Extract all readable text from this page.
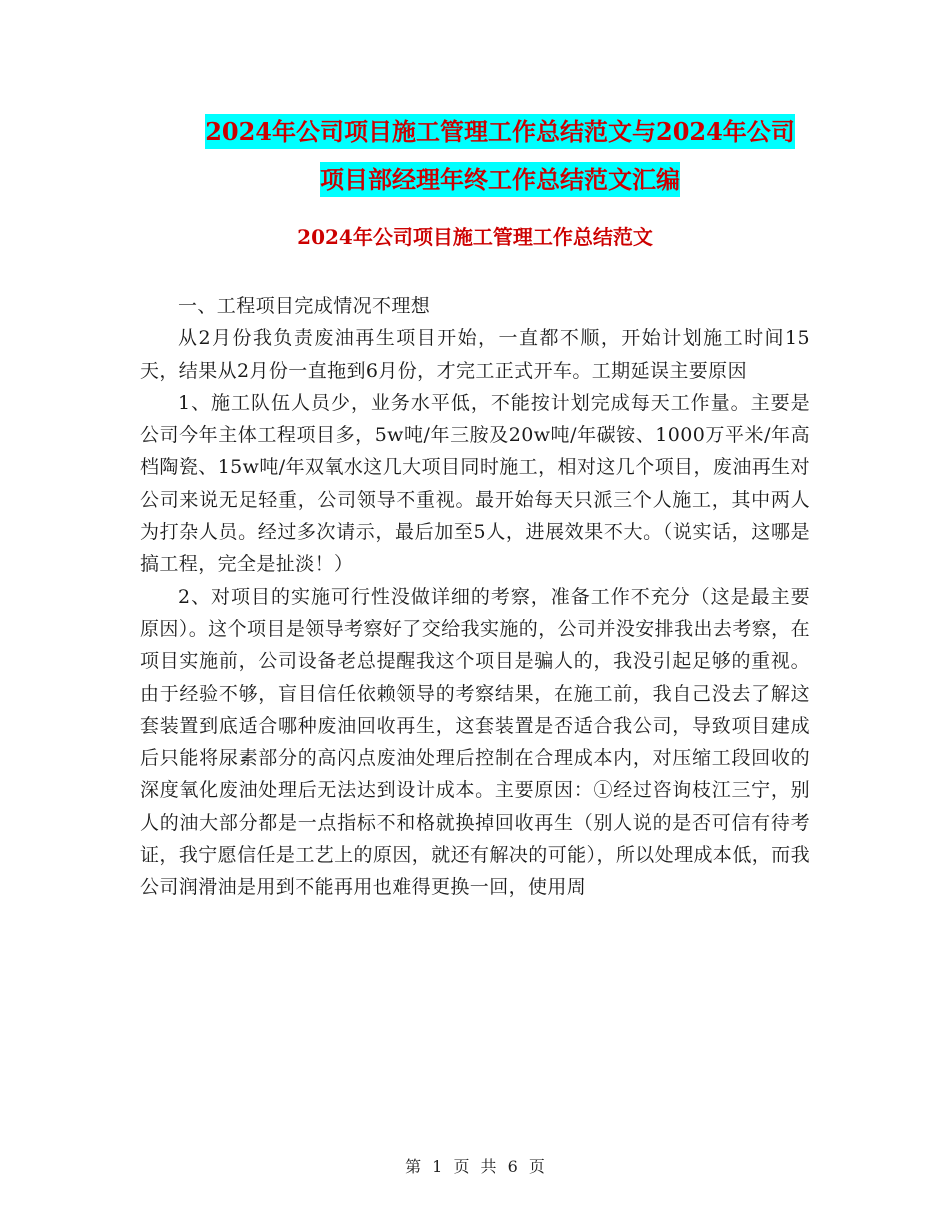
2024年公司项目施工管理工作总结范文与2024年公司
项目部经理年终工作总结范文汇编
2024年公司项目施工管理工作总结范文

一、工程项目完成情况不理想

从2月份我负责废油再生项目开始，一直都不顺，开始计划施工时间15天，结果从2月份一直拖到6月份，才完工正式开车。工期延误主要原因

1、施工队伍人员少，业务水平低，不能按计划完成每天工作量。主要是公司今年主体工程项目多，5w吨/年三胺及20w吨/年碳铵、1000万平米/年高档陶瓷、15w吨/年双氧水这几大项目同时施工，相对这几个项目，废油再生对公司来说无足轻重，公司领导不重视。最开始每天只派三个人施工，其中两人为打杂人员。经过多次请示，最后加至5人，进展效果不大。（说实话，这哪是搞工程，完全是扯淡！）

2、对项目的实施可行性没做详细的考察，准备工作不充分（这是最主要原因）。这个项目是领导考察好了交给我实施的，公司并没安排我出去考察，在项目实施前，公司设备老总提醒我这个项目是骗人的，我没引起足够的重视。由于经验不够，盲目信任依赖领导的考察结果，在施工前，我自己没去了解这套装置到底适合哪种废油回收再生，这套装置是否适合我公司，导致项目建成后只能将尿素部分的高闪点废油处理后控制在合理成本内，对压缩工段回收的深度氧化废油处理后无法达到设计成本。主要原因：①经过咨询枝江三宁，别人的油大部分都是一点指标不和格就换掉回收再生（别人说的是否可信有待考证，我宁愿信任是工艺上的原因，就还有解决的可能），所以处理成本低，而我公司润滑油是用到不能再用也难得更换一回，使用周

第 1 页 共 6 页
